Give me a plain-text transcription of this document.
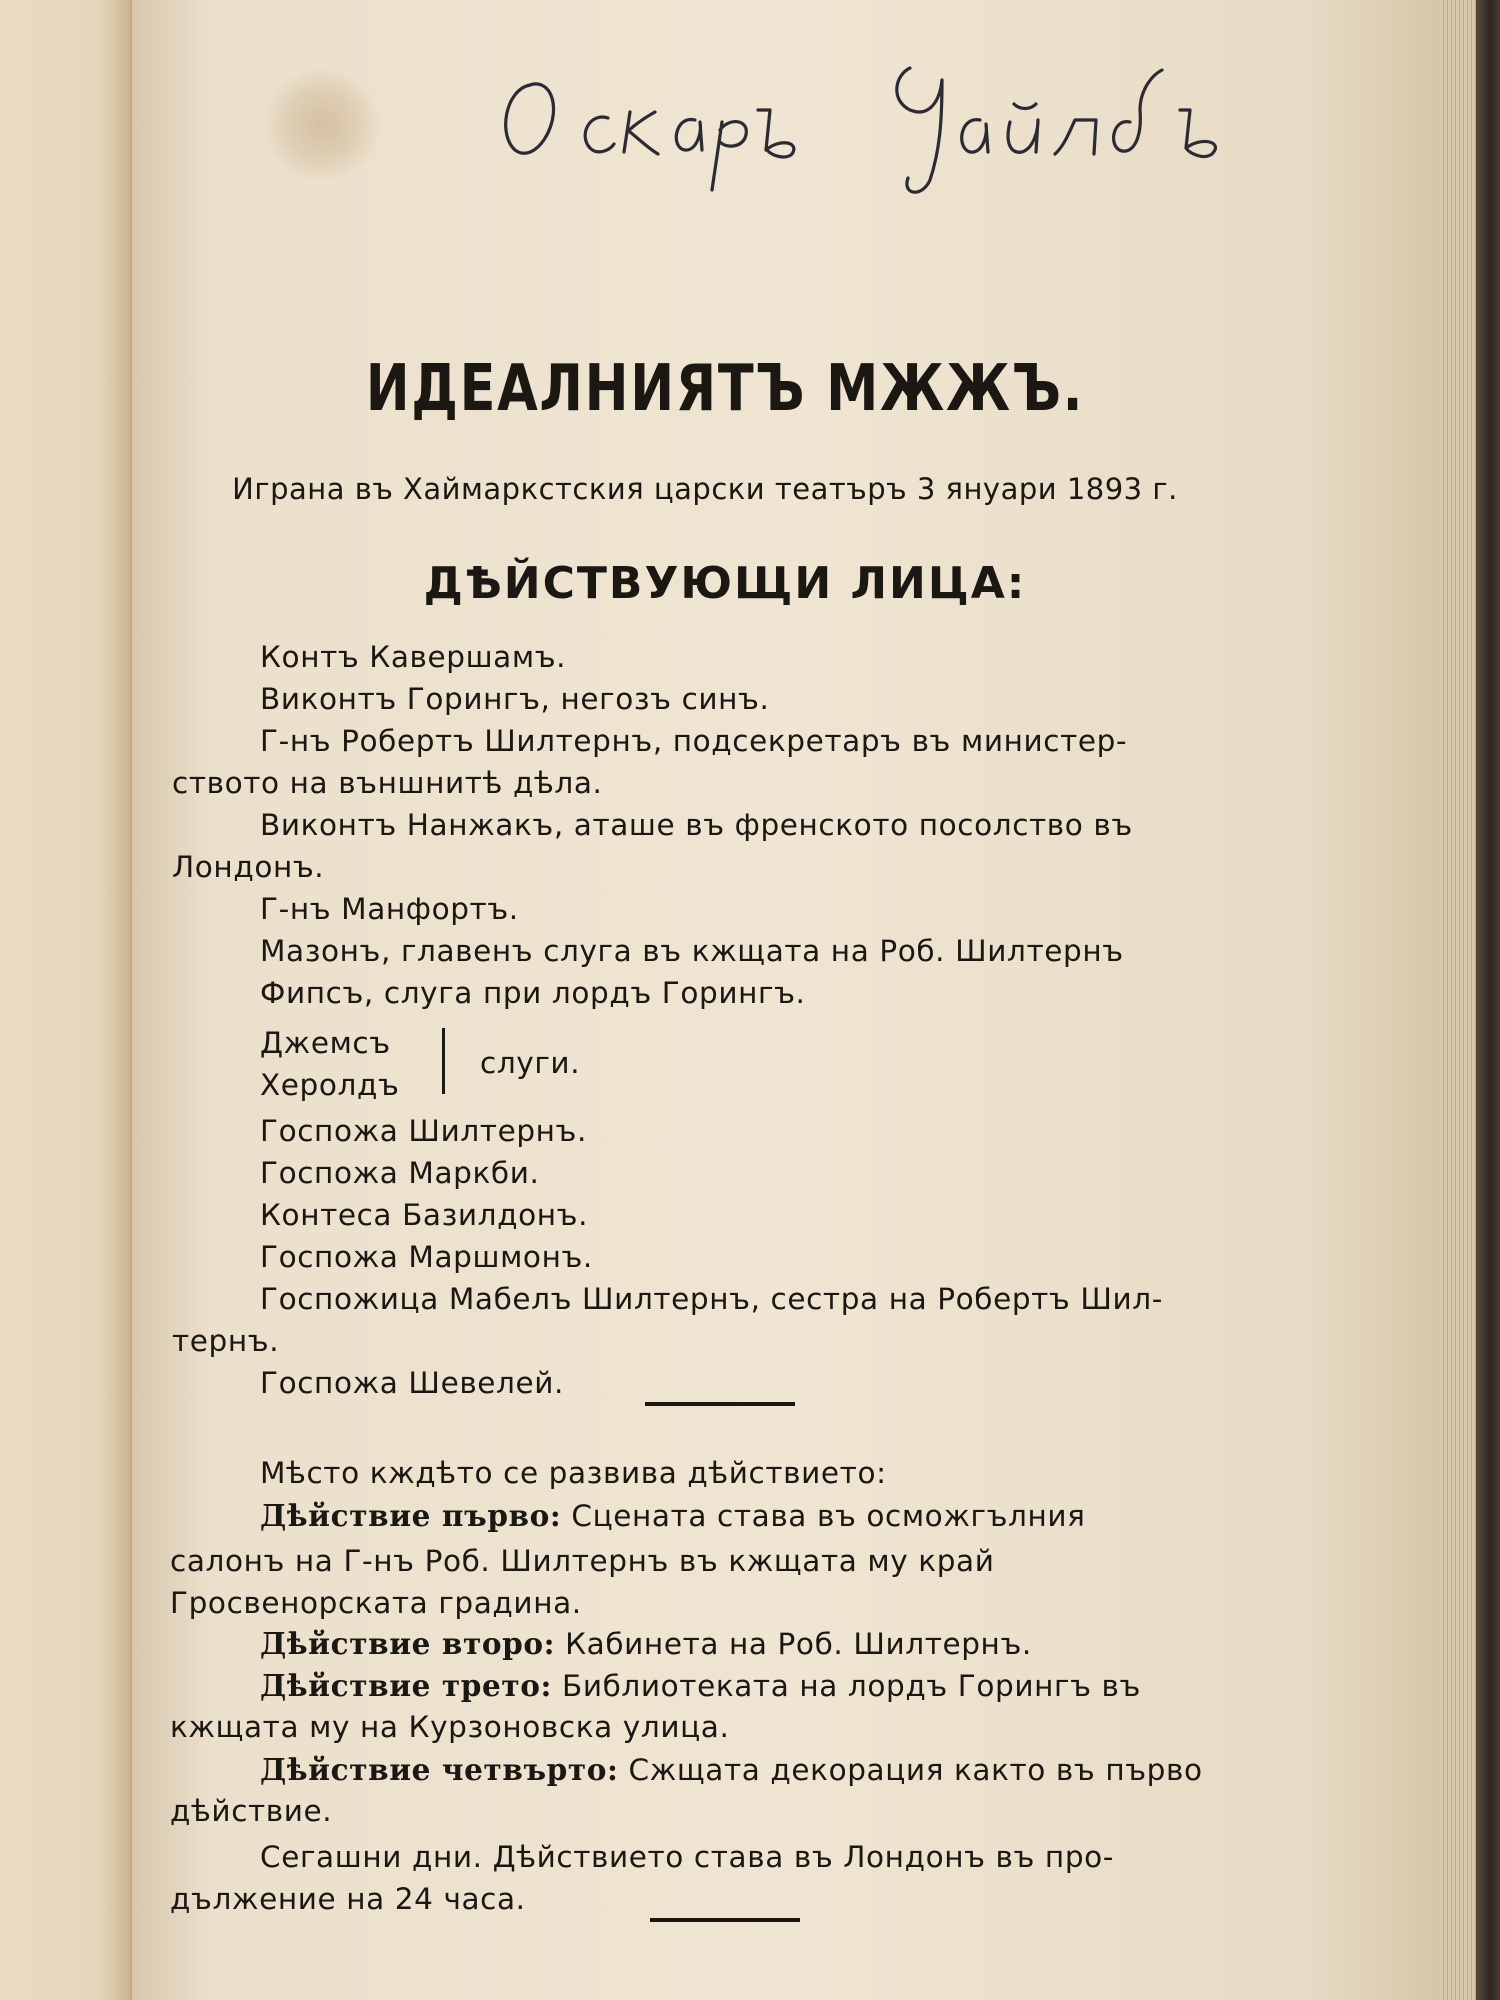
ИДЕАЛНИЯТЪ МЖЖЪ.

Играна въ Хаймаркстския царски театъръ 3 януари 1893 г.

ДѢЙСТВУЮЩИ ЛИЦА:

Контъ Кавершамъ.

Виконтъ Горингъ, негозъ синъ.

Г-нъ Робертъ Шилтернъ, подсекретаръ въ министер-

ството на външнитѣ дѣла.

Виконтъ Нанжакъ, аташе въ френското посолство въ

Лондонъ.

Г-нъ Манфортъ.

Мазонъ, главенъ слуга въ кжщата на Роб. Шилтернъ

Фипсъ, слуга при лордъ Горингъ.

Джемсъ

Херолдъ

слуги.

Госпожа Шилтернъ.

Госпожа Маркби.

Контеса Базилдонъ.

Госпожа Маршмонъ.

Госпожица Мабелъ Шилтернъ, сестра на Робертъ Шил-

тернъ.

Госпожа Шевелей.

Мѣсто кждѣто се развива дѣйствието:

Дѣйствие първо: Сцената става въ осможгълния

салонъ на Г-нъ Роб. Шилтернъ въ кжщата му край Гросвенорската градина.

Дѣйствие второ: Кабинета на Роб. Шилтернъ.

Дѣйствие трето: Библиотеката на лордъ Горингъ въ

кжщата му на Курзоновска улица.

Дѣйствие четвърто: Сжщата декорация както въ първо

дѣйствие.

Сегашни дни. Дѣйствието става въ Лондонъ въ про-

дължение на 24 часа.
